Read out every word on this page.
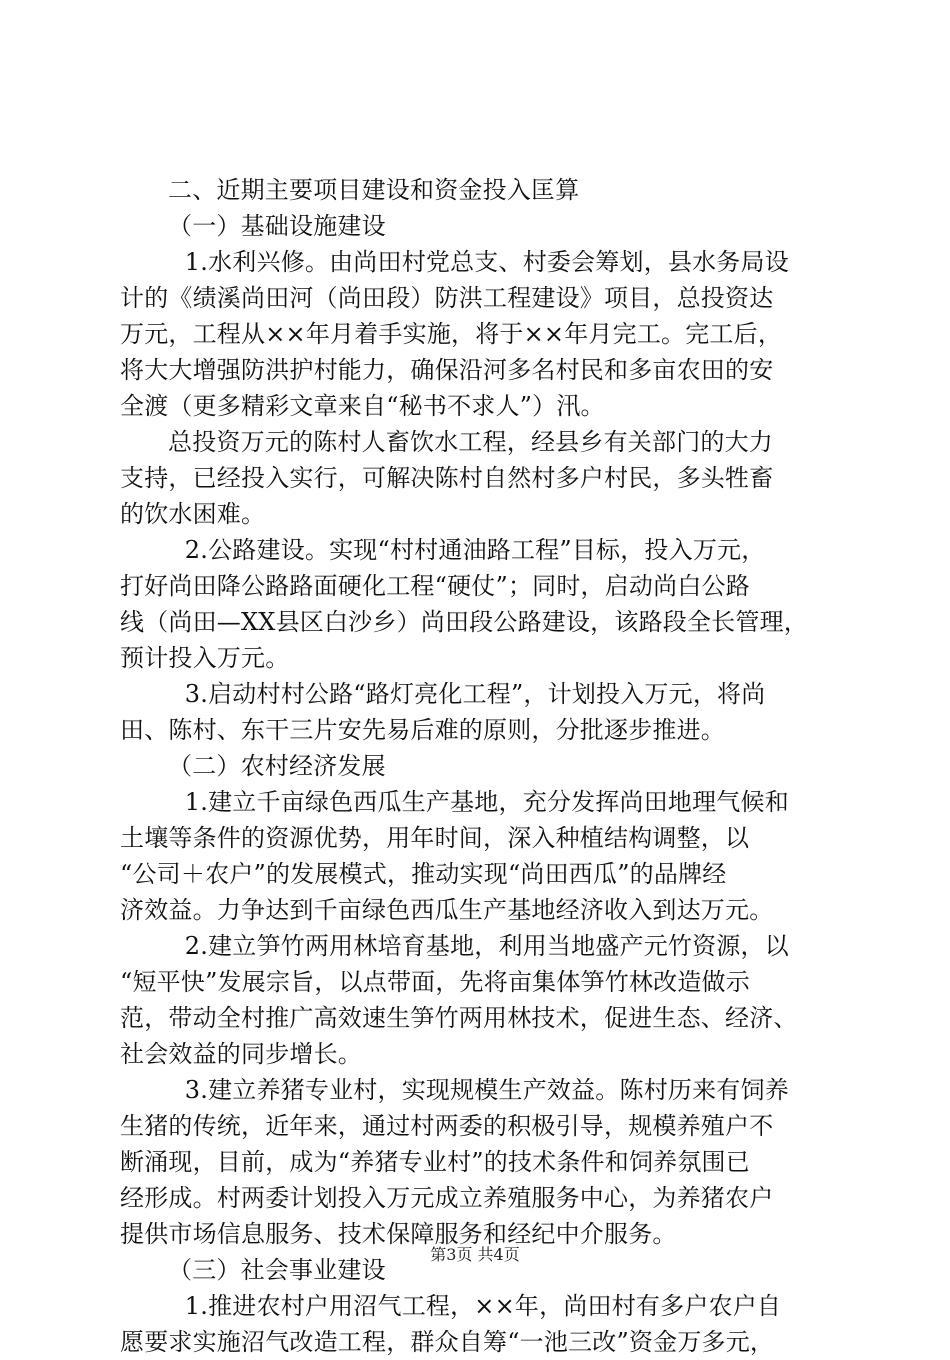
二、近期主要项目建设和资金投入匡算
（一）基础设施建设
1.水利兴修。由尚田村党总支、村委会筹划，县水务局设
计的《绩溪尚田河（尚田段）防洪工程建设》项目，总投资达
万元，工程从××年月着手实施，将于××年月完工。完工后，
将大大增强防洪护村能力，确保沿河多名村民和多亩农田的安
全渡（更多精彩文章来自“秘书不求人”）汛。
总投资万元的陈村人畜饮水工程，经县乡有关部门的大力
支持，已经投入实行，可解决陈村自然村多户村民，多头牲畜
的饮水困难。
2.公路建设。实现“村村通油路工程”目标，投入万元，
打好尚田降公路路面硬化工程“硬仗”；同时，启动尚白公路
线（尚田—XX县区白沙乡）尚田段公路建设，该路段全长管理，
预计投入万元。
3.启动村村公路“路灯亮化工程”，计划投入万元，将尚
田、陈村、东干三片安先易后难的原则，分批逐步推进。
（二）农村经济发展
1.建立千亩绿色西瓜生产基地，充分发挥尚田地理气候和
土壤等条件的资源优势，用年时间，深入种植结构调整，以
“公司＋农户”的发展模式，推动实现“尚田西瓜”的品牌经
济效益。力争达到千亩绿色西瓜生产基地经济收入到达万元。
2.建立笋竹两用林培育基地，利用当地盛产元竹资源，以
“短平快”发展宗旨，以点带面，先将亩集体笋竹林改造做示
范，带动全村推广高效速生笋竹两用林技术，促进生态、经济、
社会效益的同步增长。
3.建立养猪专业村，实现规模生产效益。陈村历来有饲养
生猪的传统，近年来，通过村两委的积极引导，规模养殖户不
断涌现，目前，成为“养猪专业村”的技术条件和饲养氛围已
经形成。村两委计划投入万元成立养殖服务中心，为养猪农户
提供市场信息服务、技术保障服务和经纪中介服务。
（三）社会事业建设
1.推进农村户用沼气工程，××年，尚田村有多户农户自
愿要求实施沼气改造工程，群众自筹“一池三改”资金万多元，
第3页 共4页
